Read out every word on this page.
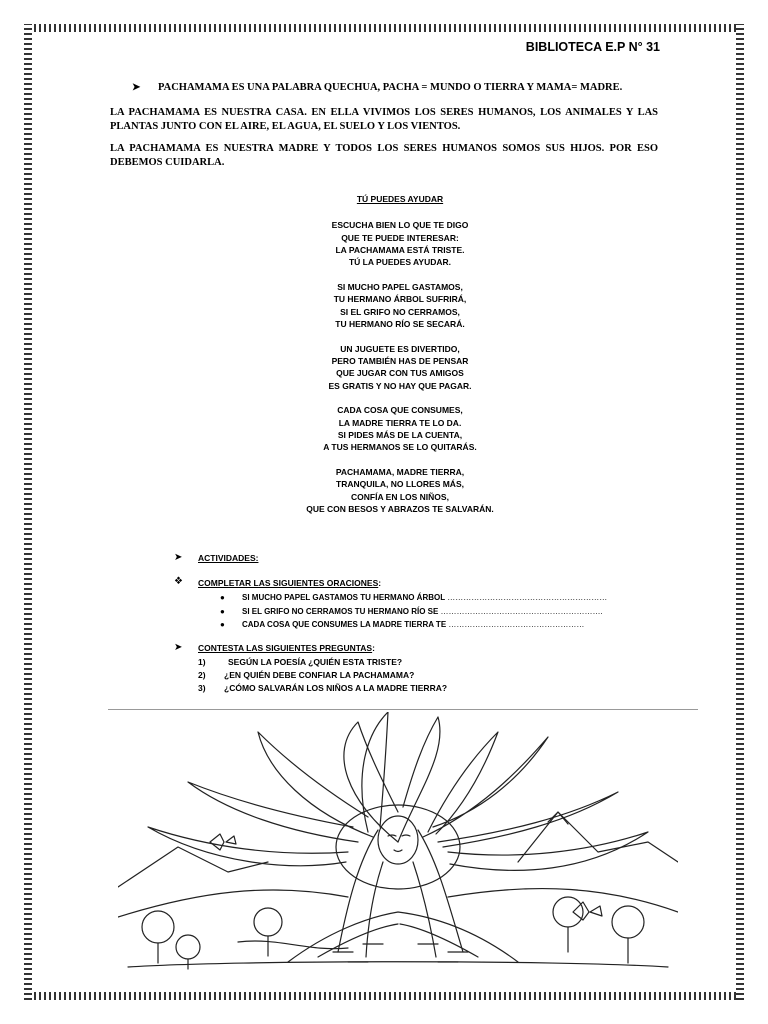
BIBLIOTECA E.P N° 31
➤ PACHAMAMA ES UNA PALABRA QUECHUA, PACHA = MUNDO O TIERRA Y MAMA= MADRE.
LA PACHAMAMA ES NUESTRA CASA. EN ELLA VIVIMOS LOS SERES HUMANOS, LOS ANIMALES Y LAS PLANTAS JUNTO CON EL AIRE, EL AGUA, EL SUELO Y LOS VIENTOS.
LA PACHAMAMA ES NUESTRA MADRE Y TODOS LOS SERES HUMANOS SOMOS SUS HIJOS. POR ESO DEBEMOS CUIDARLA.
TÚ PUEDES AYUDAR
ESCUCHA BIEN LO QUE TE DIGO
QUE TE PUEDE INTERESAR:
LA PACHAMAMA ESTÁ TRISTE.
TÚ LA PUEDES AYUDAR.
SI MUCHO PAPEL GASTAMOS,
TU HERMANO ÁRBOL SUFRIRÁ,
SI EL GRIFO NO CERRAMOS,
TU HERMANO RÍO SE SECARÁ.
UN JUGUETE ES DIVERTIDO,
PERO TAMBIÉN HAS DE PENSAR
QUE JUGAR CON TUS AMIGOS
ES GRATIS Y NO HAY QUE PAGAR.
CADA COSA QUE CONSUMES,
LA MADRE TIERRA TE LO DA.
SI PIDES MÁS DE LA CUENTA,
A TUS HERMANOS SE LO QUITARÁS.
PACHAMAMA, MADRE TIERRA,
TRANQUILA, NO LLORES MÁS,
CONFÍA EN LOS NIÑOS,
QUE CON BESOS Y ABRAZOS TE SALVARÁN.
➤ ACTIVIDADES:
❖ COMPLETAR LAS SIGUIENTES ORACIONES:
● SI MUCHO PAPEL GASTAMOS TU HERMANO ÁRBOL ……………………………………………………
● SI EL GRIFO NO CERRAMOS TU HERMANO RÍO SE …………………………………………………….
● CADA COSA QUE CONSUMES LA MADRE TIERRA TE ……………………………………………
➤ CONTESTA LAS SIGUIENTES PREGUNTAS:
1)	SEGÚN LA POESÍA ¿QUIÉN ESTA TRISTE?
2) ¿EN QUIÉN DEBE CONFIAR LA PACHAMAMA?
3) ¿CÓMO SALVARÁN LOS NIÑOS A LA MADRE TIERRA?
